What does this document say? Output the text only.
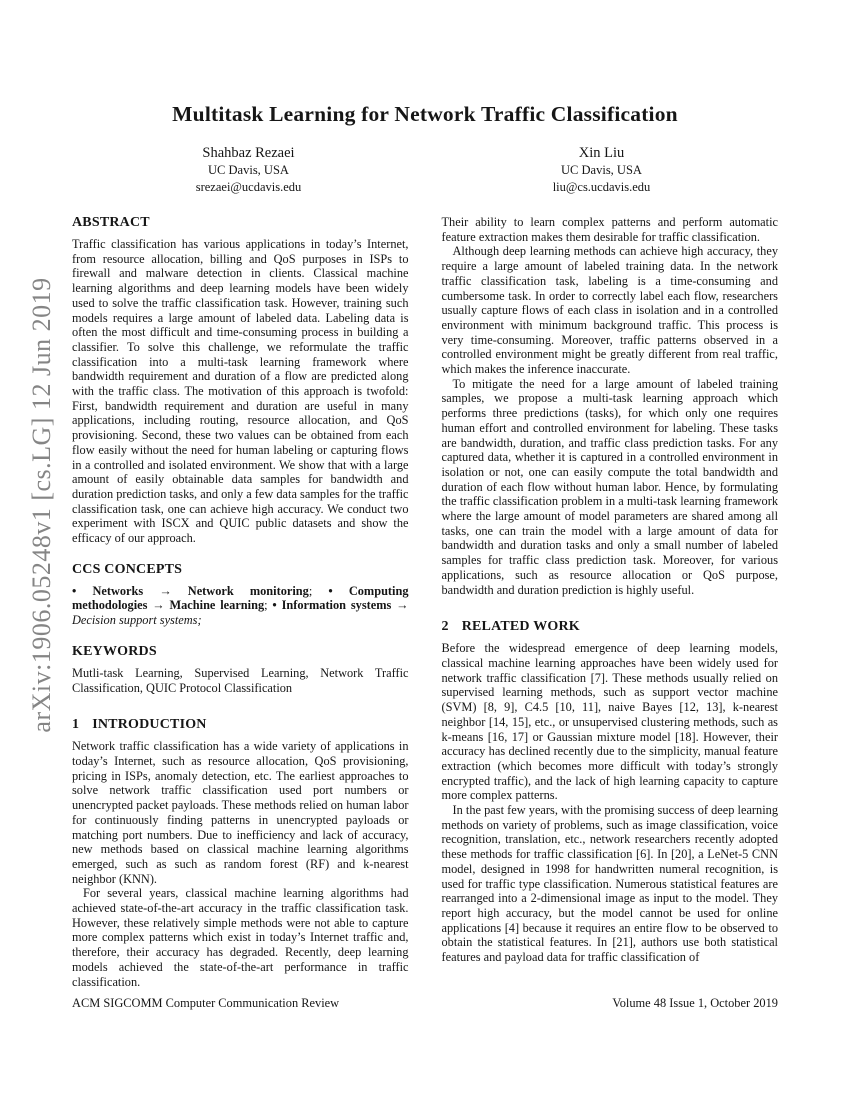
arXiv:1906.05248v1 [cs.LG] 12 Jun 2019
Multitask Learning for Network Traffic Classification
Shahbaz Rezaei
UC Davis, USA
srezaei@ucdavis.edu
Xin Liu
UC Davis, USA
liu@cs.ucdavis.edu
ABSTRACT

Traffic classification has various applications in today’s Internet, from resource allocation, billing and QoS purposes in ISPs to firewall and malware detection in clients. Classical machine learning algorithms and deep learning models have been widely used to solve the traffic classification task. However, training such models requires a large amount of labeled data. Labeling data is often the most difficult and time-consuming process in building a classifier. To solve this challenge, we reformulate the traffic classification into a multi-task learning framework where bandwidth requirement and duration of a flow are predicted along with the traffic class. The motivation of this approach is twofold: First, bandwidth requirement and duration are useful in many applications, including routing, resource allocation, and QoS provisioning. Second, these two values can be obtained from each flow easily without the need for human labeling or capturing flows in a controlled and isolated environment. We show that with a large amount of easily obtainable data samples for bandwidth and duration prediction tasks, and only a few data samples for the traffic classification task, one can achieve high accuracy. We conduct two experiment with ISCX and QUIC public datasets and show the efficacy of our approach.

CCS CONCEPTS

• Networks → Network monitoring; • Computing methodologies → Machine learning; • Information systems → Decision support systems;

KEYWORDS

Mutli-task Learning, Supervised Learning, Network Traffic Classification, QUIC Protocol Classification

1 INTRODUCTION

Network traffic classification has a wide variety of applications in today’s Internet, such as resource allocation, QoS provisioning, pricing in ISPs, anomaly detection, etc. The earliest approaches to solve network traffic classification used port numbers or unencrypted packet payloads. These methods relied on human labor for continuously finding patterns in unencrypted payloads or matching port numbers. Due to inefficiency and lack of accuracy, new methods based on classical machine learning algorithms emerged, such as such as random forest (RF) and k-nearest neighbor (KNN).

For several years, classical machine learning algorithms had achieved state-of-the-art accuracy in the traffic classification task. However, these relatively simple methods were not able to capture more complex patterns which exist in today’s Internet traffic and, therefore, their accuracy has degraded. Recently, deep learning models achieved the state-of-the-art performance in traffic classification.

Their ability to learn complex patterns and perform automatic feature extraction makes them desirable for traffic classification.

Although deep learning methods can achieve high accuracy, they require a large amount of labeled training data. In the network traffic classification task, labeling is a time-consuming and cumbersome task. In order to correctly label each flow, researchers usually capture flows of each class in isolation and in a controlled environment with minimum background traffic. This process is very time-consuming. Moreover, traffic patterns observed in a controlled environment might be greatly different from real traffic, which makes the inference inaccurate.

To mitigate the need for a large amount of labeled training samples, we propose a multi-task learning approach which performs three predictions (tasks), for which only one requires human effort and controlled environment for labeling. These tasks are bandwidth, duration, and traffic class prediction tasks. For any captured data, whether it is captured in a controlled environment in isolation or not, one can easily compute the total bandwidth and duration of each flow without human labor. Hence, by formulating the traffic classification problem in a multi-task learning framework where the large amount of model parameters are shared among all tasks, one can train the model with a large amount of data for bandwidth and duration tasks and only a small number of labeled samples for traffic class prediction task. Moreover, for various applications, such as resource allocation or QoS purpose, bandwidth and duration prediction is highly useful.

2 RELATED WORK

Before the widespread emergence of deep learning models, classical machine learning approaches have been widely used for network traffic classification [7]. These methods usually relied on supervised learning methods, such as support vector machine (SVM) [8, 9], C4.5 [10, 11], naive Bayes [12, 13], k-nearest neighbor [14, 15], etc., or unsupervised clustering methods, such as k-means [16, 17] or Gaussian mixture model [18]. However, their accuracy has declined recently due to the simplicity, manual feature extraction (which becomes more difficult with today’s strongly encrypted traffic), and the lack of high learning capacity to capture more complex patterns.

In the past few years, with the promising success of deep learning methods on variety of problems, such as image classification, voice recognition, translation, etc., network researchers recently adopted these methods for traffic classification [6]. In [20], a LeNet-5 CNN model, designed in 1998 for handwritten numeral recognition, is used for traffic type classification. Numerous statistical features are rearranged into a 2-dimensional image as input to the model. They report high accuracy, but the model cannot be used for online applications [4] because it requires an entire flow to be observed to obtain the statistical features. In [21], authors use both statistical features and payload data for traffic classification of

ACM SIGCOMM Computer Communication Review	Volume 48 Issue 1, October 2019
